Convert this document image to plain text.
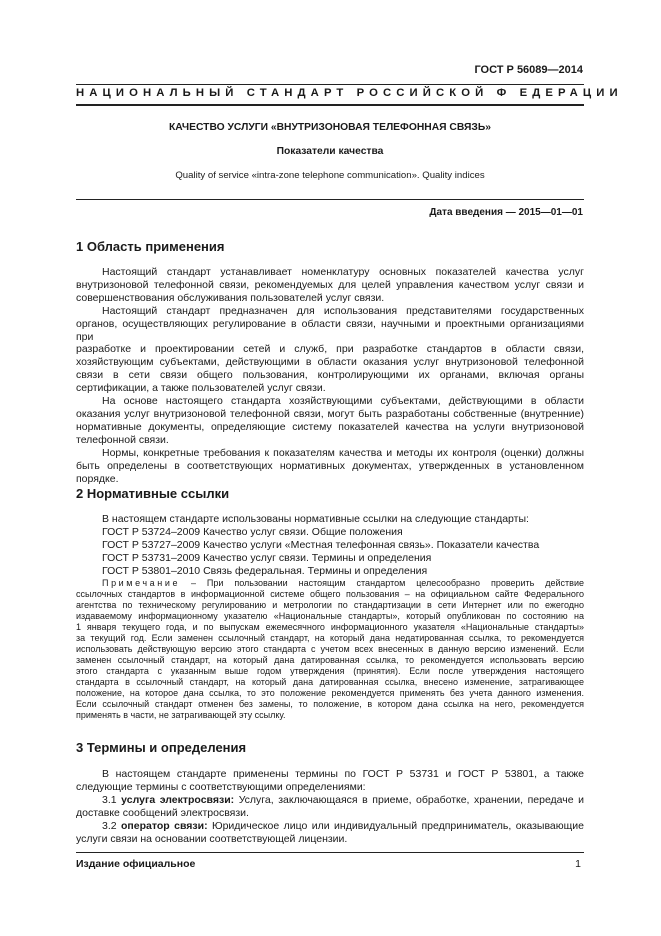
ГОСТ Р 56089—2014
НАЦИОНАЛЬНЫЙ СТАНДАРТ РОССИЙСКОЙ Ф ЕДЕРАЦИИ
КАЧЕСТВО УСЛУГИ «ВНУТРИЗОНОВАЯ ТЕЛЕФОННАЯ СВЯЗЬ»
Показатели качества
Quality of service «intra-zone telephone communication». Quality indices
Дата введения — 2015—01—01
1 Область применения
Настоящий стандарт устанавливает номенклатуру основных показателей качества услуг
внутризоновой телефонной связи, рекомендуемых для целей управления качеством услуг связи и
совершенствования обслуживания пользователей услуг связи.
Настоящий стандарт предназначен для использования представителями государственных
органов, осуществляющих регулирование в области связи, научными и проектными организациями при
разработке и проектировании сетей и служб, при разработке стандартов в области связи,
хозяйствующим субъектами, действующими в области оказания услуг внутризоновой телефонной
связи в сети связи общего пользования, контролирующими их органами, включая органы
сертификации, а также пользователей услуг связи.
На основе настоящего стандарта хозяйствующими субъектами, действующими в области
оказания услуг внутризоновой телефонной связи, могут быть разработаны собственные (внутренние)
нормативные документы, определяющие систему показателей качества на услуги внутризоновой
телефонной связи.
Нормы, конкретные требования к показателям качества и методы их контроля (оценки) должны
быть определены в соответствующих нормативных документах, утвержденных в установленном
порядке.
2 Нормативные ссылки
В настоящем стандарте использованы нормативные ссылки на следующие стандарты:
ГОСТ Р 53724–2009 Качество услуг связи. Общие положения
ГОСТ Р 53727–2009 Качество услуги «Местная телефонная связь». Показатели качества
ГОСТ Р 53731–2009 Качество услуг связи. Термины и определения
ГОСТ Р 53801–2010 Связь федеральная. Термины и определения
Примечание – При пользовании настоящим стандартом целесообразно проверить действие
ссылочных стандартов в информационной системе общего пользования – на официальном сайте Федерального
агентства по техническому регулированию и метрологии по стандартизации в сети Интернет или по ежегодно
издаваемому информационному указателю «Национальные стандарты», который опубликован по состоянию на
1 января текущего года, и по выпускам ежемесячного информационного указателя «Национальные стандарты»
за текущий год. Если заменен ссылочный стандарт, на который дана недатированная ссылка, то рекомендуется
использовать действующую версию этого стандарта с учетом всех внесенных в данную версию изменений. Если
заменен ссылочный стандарт, на который дана датированная ссылка, то рекомендуется использовать версию
этого стандарта с указанным выше годом утверждения (принятия). Если после утверждения настоящего
стандарта в ссылочный стандарт, на который дана датированная ссылка, внесено изменение, затрагивающее
положение, на которое дана ссылка, то это положение рекомендуется применять без учета данного изменения.
Если ссылочный стандарт отменен без замены, то положение, в котором дана ссылка на него, рекомендуется
применять в части, не затрагивающей эту ссылку.
3 Термины и определения
В настоящем стандарте применены термины по ГОСТ Р 53731 и ГОСТ Р 53801, а также
следующие термины с соответствующими определениями:
3.1 услуга электросвязи: Услуга, заключающаяся в приеме, обработке, хранении, передаче и
доставке сообщений электросвязи.
3.2 оператор связи: Юридическое лицо или индивидуальный предприниматель, оказывающие
услуги связи на основании соответствующей лицензии.
Издание официальное	1
